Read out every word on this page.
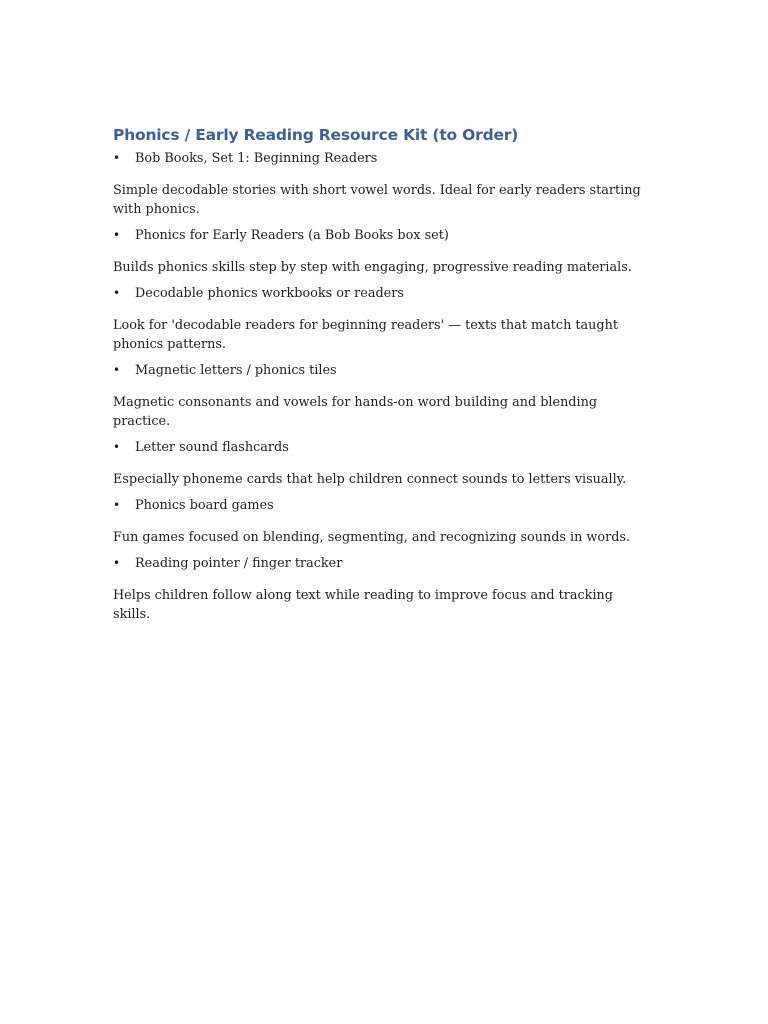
Phonics / Early Reading Resource Kit (to Order)
•	Bob Books, Set 1: Beginning Readers

Simple decodable stories with short vowel words. Ideal for early readers starting with phonics.

•	Phonics for Early Readers (a Bob Books box set)

Builds phonics skills step by step with engaging, progressive reading materials.

•	Decodable phonics workbooks or readers

Look for 'decodable readers for beginning readers' — texts that match taught phonics patterns.

•	Magnetic letters / phonics tiles

Magnetic consonants and vowels for hands-on word building and blending practice.

•	Letter sound flashcards

Especially phoneme cards that help children connect sounds to letters visually.

•	Phonics board games

Fun games focused on blending, segmenting, and recognizing sounds in words.

•	Reading pointer / finger tracker

Helps children follow along text while reading to improve focus and tracking skills.
